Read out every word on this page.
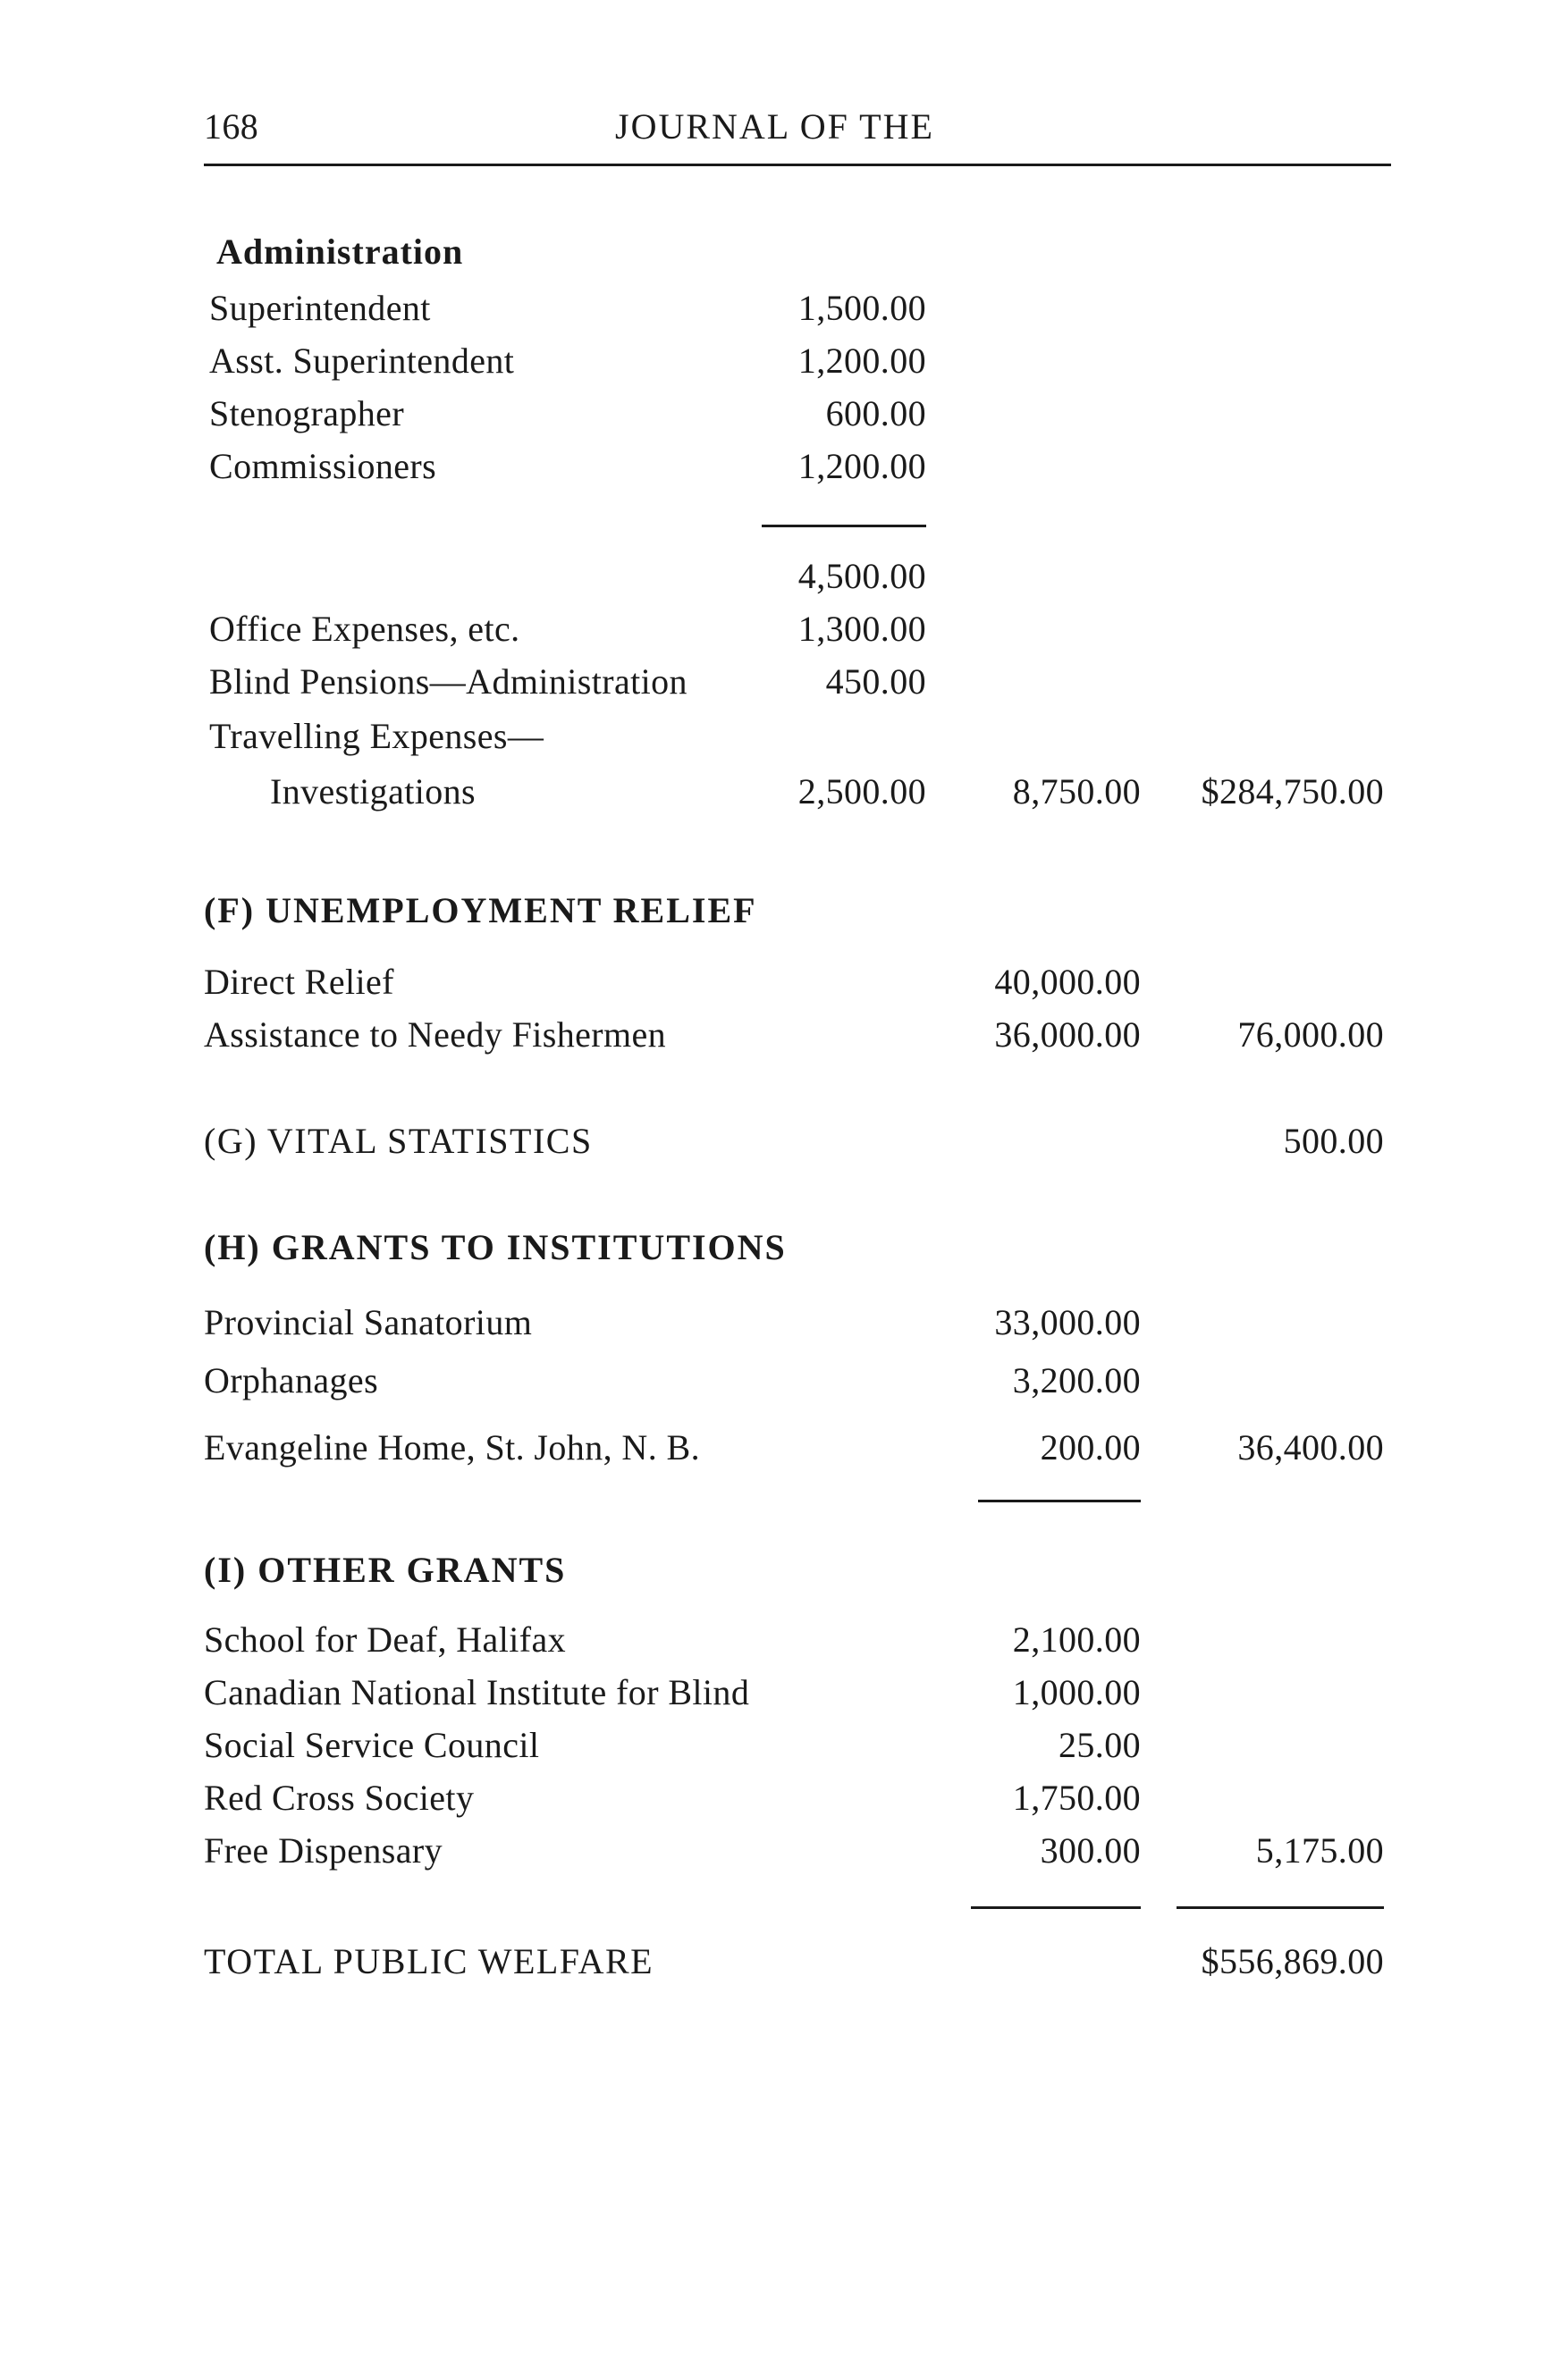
168	JOURNAL OF THE
Administration
Superintendent	1,500.00
Asst. Superintendent	1,200.00
Stenographer	600.00
Commissioners	1,200.00
4,500.00
Office Expenses, etc.	1,300.00
Blind Pensions—Administration	450.00
Travelling Expenses—
Investigations	2,500.00 8,750.00 $284,750.00
(F) UNEMPLOYMENT RELIEF
Direct Relief	40,000.00
Assistance to Needy Fishermen	36,000.00	76,000.00
(G) VITAL STATISTICS	500.00
(H) GRANTS TO INSTITUTIONS
Provincial Sanatorium	33,000.00
Orphanages	3,200.00
Evangeline Home, St. John, N. B.	200.00	36,400.00
(I) OTHER GRANTS
School for Deaf, Halifax	2,100.00
Canadian National Institute for Blind	1,000.00
Social Service Council	25.00
Red Cross Society	1,750.00
Free Dispensary	300.00	5,175.00
TOTAL PUBLIC WELFARE	$556,869.00
